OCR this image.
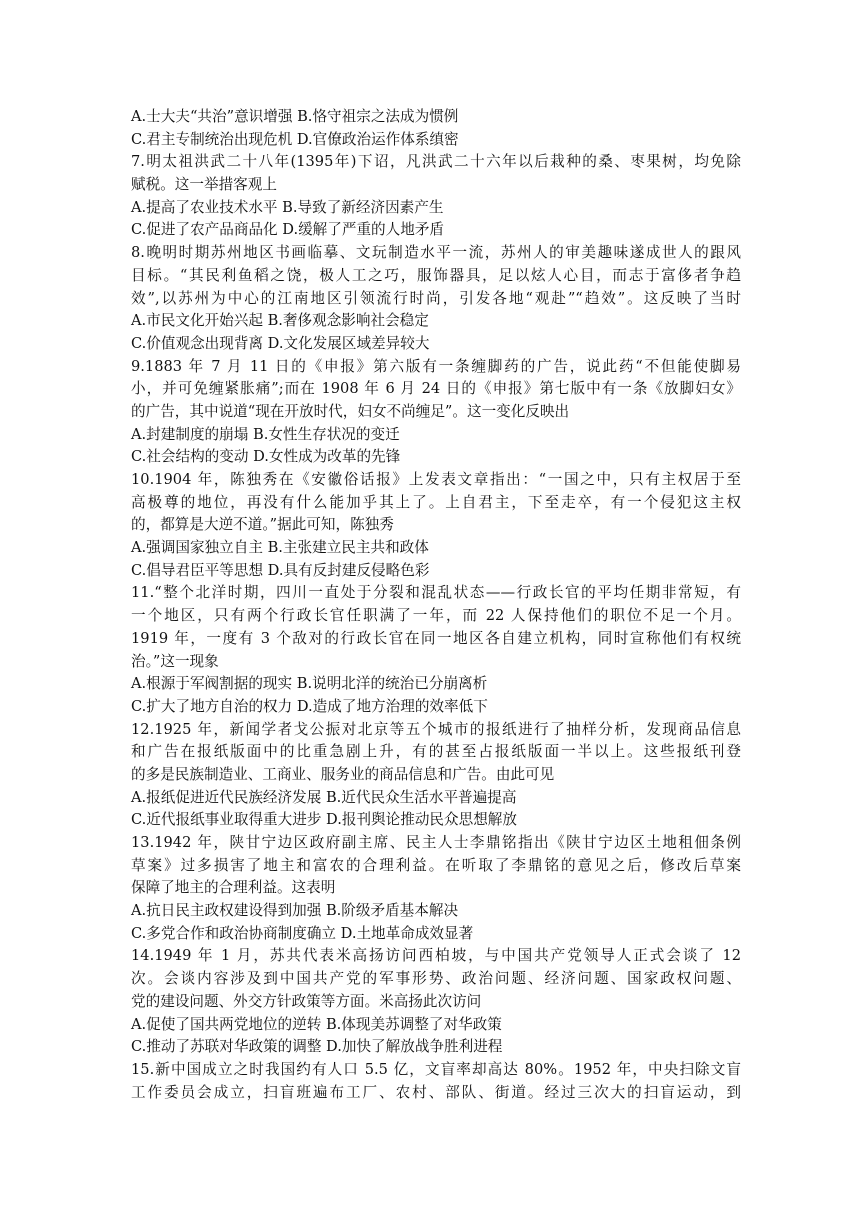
A.士大夫“共治”意识增强 B.恪守祖宗之法成为惯例
C.君主专制统治出现危机 D.官僚政治运作体系缜密
7.明太祖洪武二十八年(1395年)下诏，凡洪武二十六年以后栽种的桑、枣果树，均免除
赋税。这一举措客观上
A.提高了农业技术水平 B.导致了新经济因素产生
C.促进了农产品商品化 D.缓解了严重的人地矛盾
8.晚明时期苏州地区书画临摹、文玩制造水平一流，苏州人的审美趣味遂成世人的跟风
目标。“其民利鱼稻之饶，极人工之巧，服饰器具，足以炫人心目，而志于富侈者争趋
效”,以苏州为中心的江南地区引领流行时尚，引发各地“观赴”“趋效”。这反映了当时
A.市民文化开始兴起 B.奢侈观念影响社会稳定
C.价值观念出现背离 D.文化发展区域差异较大
9.1883 年 7 月 11 日的《申报》第六版有一条缠脚药的广告，说此药“不但能使脚易
小，并可免缠紧胀痛”;而在 1908 年 6 月 24 日的《申报》第七版中有一条《放脚妇女》
的广告，其中说道“现在开放时代，妇女不尚缠足”。这一变化反映出
A.封建制度的崩塌 B.女性生存状况的变迁
C.社会结构的变动 D.女性成为改革的先锋
10.1904 年，陈独秀在《安徽俗话报》上发表文章指出：“一国之中，只有主权居于至
高极尊的地位，再没有什么能加乎其上了。上自君主，下至走卒，有一个侵犯这主权
的，都算是大逆不道。”据此可知，陈独秀
A.强调国家独立自主 B.主张建立民主共和政体
C.倡导君臣平等思想 D.具有反封建反侵略色彩
11.“整个北洋时期，四川一直处于分裂和混乱状态——行政长官的平均任期非常短，有
一个地区，只有两个行政长官任职满了一年，而 22 人保持他们的职位不足一个月。
1919 年，一度有 3 个敌对的行政长官在同一地区各自建立机构，同时宣称他们有权统
治。”这一现象
A.根源于军阀割据的现实 B.说明北洋的统治已分崩离析
C.扩大了地方自治的权力 D.造成了地方治理的效率低下
12.1925 年，新闻学者戈公振对北京等五个城市的报纸进行了抽样分析，发现商品信息
和广告在报纸版面中的比重急剧上升，有的甚至占报纸版面一半以上。这些报纸刊登
的多是民族制造业、工商业、服务业的商品信息和广告。由此可见
A.报纸促进近代民族经济发展 B.近代民众生活水平普遍提高
C.近代报纸事业取得重大进步 D.报刊舆论推动民众思想解放
13.1942 年，陕甘宁边区政府副主席、民主人士李鼎铭指出《陕甘宁边区土地租佃条例
草案》过多损害了地主和富农的合理利益。在听取了李鼎铭的意见之后，修改后草案
保障了地主的合理利益。这表明
A.抗日民主政权建设得到加强 B.阶级矛盾基本解决
C.多党合作和政治协商制度确立 D.土地革命成效显著
14.1949 年 1 月，苏共代表米高扬访问西柏坡，与中国共产党领导人正式会谈了 12
次。会谈内容涉及到中国共产党的军事形势、政治问题、经济问题、国家政权问题、
党的建设问题、外交方针政策等方面。米高扬此次访问
A.促使了国共两党地位的逆转 B.体现美苏调整了对华政策
C.推动了苏联对华政策的调整 D.加快了解放战争胜利进程
15.新中国成立之时我国约有人口 5.5 亿，文盲率却高达 80%。1952 年，中央扫除文盲
工作委员会成立，扫盲班遍布工厂、农村、部队、街道。经过三次大的扫盲运动，到
